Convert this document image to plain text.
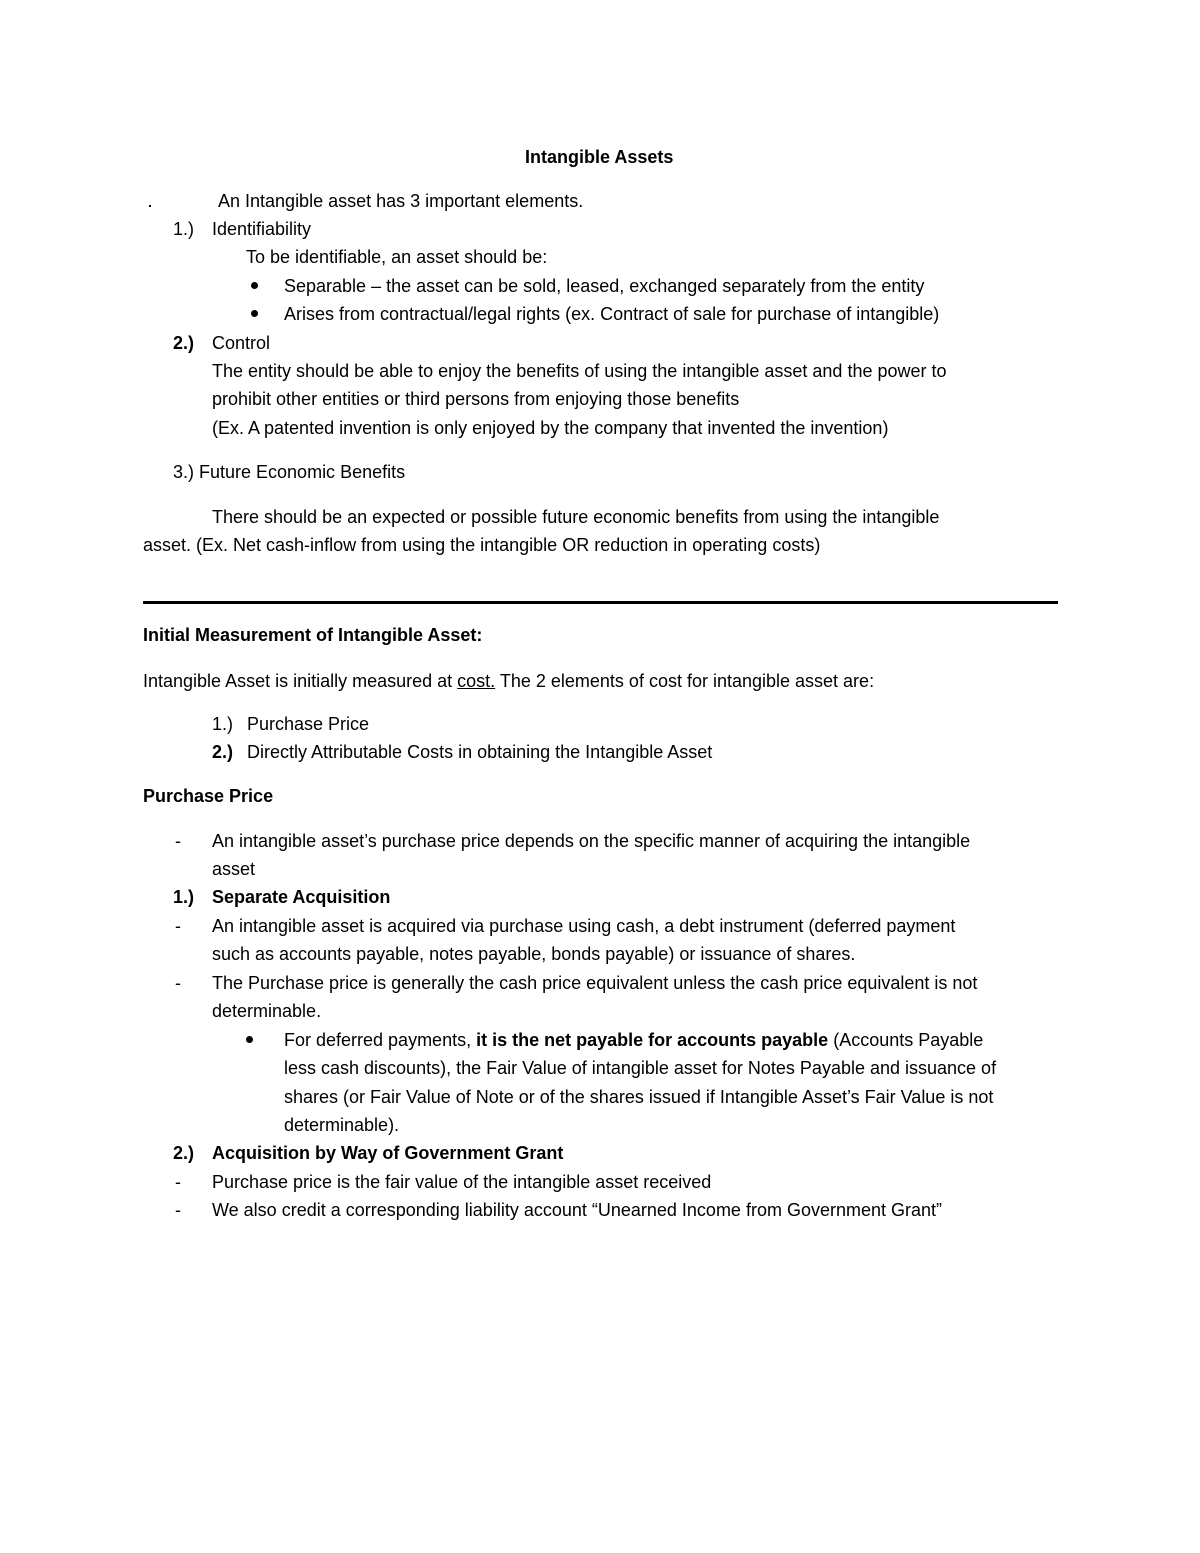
Intangible Assets
An Intangible asset has 3 important elements.
1.) Identifiability
To be identifiable, an asset should be:
Separable – the asset can be sold, leased, exchanged separately from the entity
Arises from contractual/legal rights (ex. Contract of sale for purchase of intangible)
2.) Control
The entity should be able to enjoy the benefits of using the intangible asset and the power to
prohibit other entities or third persons from enjoying those benefits
(Ex. A patented invention is only enjoyed by the company that invented the invention)
3.) Future Economic Benefits
There should be an expected or possible future economic benefits from using the intangible
asset. (Ex. Net cash-inflow from using the intangible OR reduction in operating costs)
Initial Measurement of Intangible Asset:
Intangible Asset is initially measured at cost. The 2 elements of cost for intangible asset are:
1.) Purchase Price
2.) Directly Attributable Costs in obtaining the Intangible Asset
Purchase Price
- An intangible asset’s purchase price depends on the specific manner of acquiring the intangible
asset
1.) Separate Acquisition
- An intangible asset is acquired via purchase using cash, a debt instrument (deferred payment
such as accounts payable, notes payable, bonds payable) or issuance of shares.
- The Purchase price is generally the cash price equivalent unless the cash price equivalent is not
determinable.
For deferred payments, it is the net payable for accounts payable (Accounts Payable
less cash discounts), the Fair Value of intangible asset for Notes Payable and issuance of
shares (or Fair Value of Note or of the shares issued if Intangible Asset’s Fair Value is not
determinable).
2.) Acquisition by Way of Government Grant
- Purchase price is the fair value of the intangible asset received
- We also credit a corresponding liability account “Unearned Income from Government Grant”
